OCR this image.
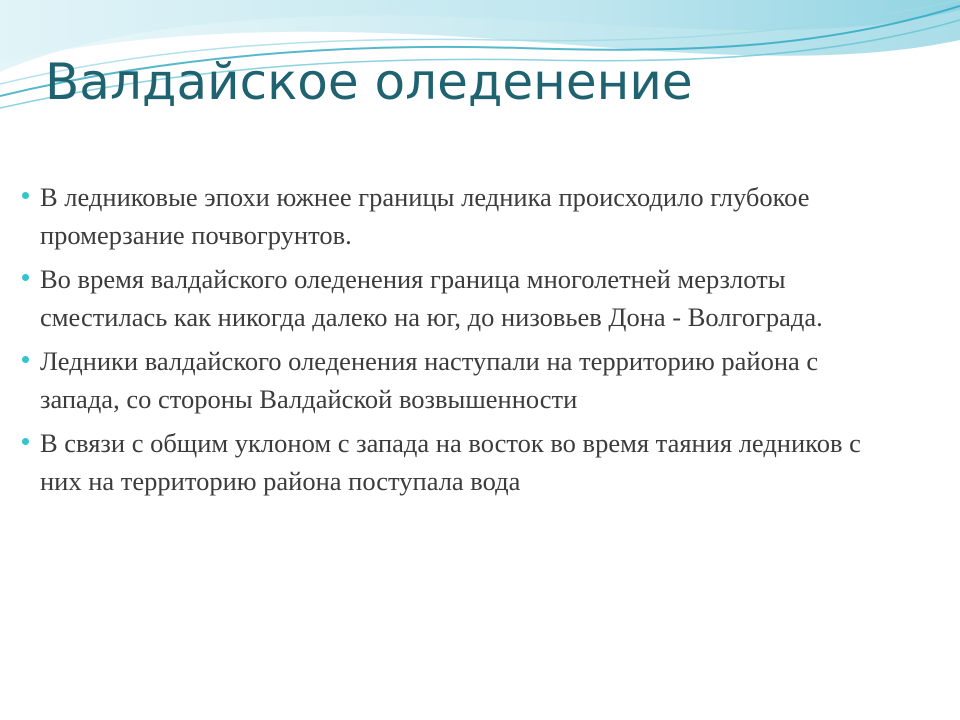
Валдайское оледенение
В ледниковые эпохи южнее границы ледника происходило глубокое промерзание почвогрунтов.
Во время валдайского оледенения граница многолетней мерзлоты сместилась как никогда далеко на юг, до низовьев Дона - Волгограда.
Ледники валдайского оледенения наступали на территорию района с запада, со стороны Валдайской возвышенности
В связи с общим уклоном с запада на восток во время таяния ледников с них на территорию района поступала вода
